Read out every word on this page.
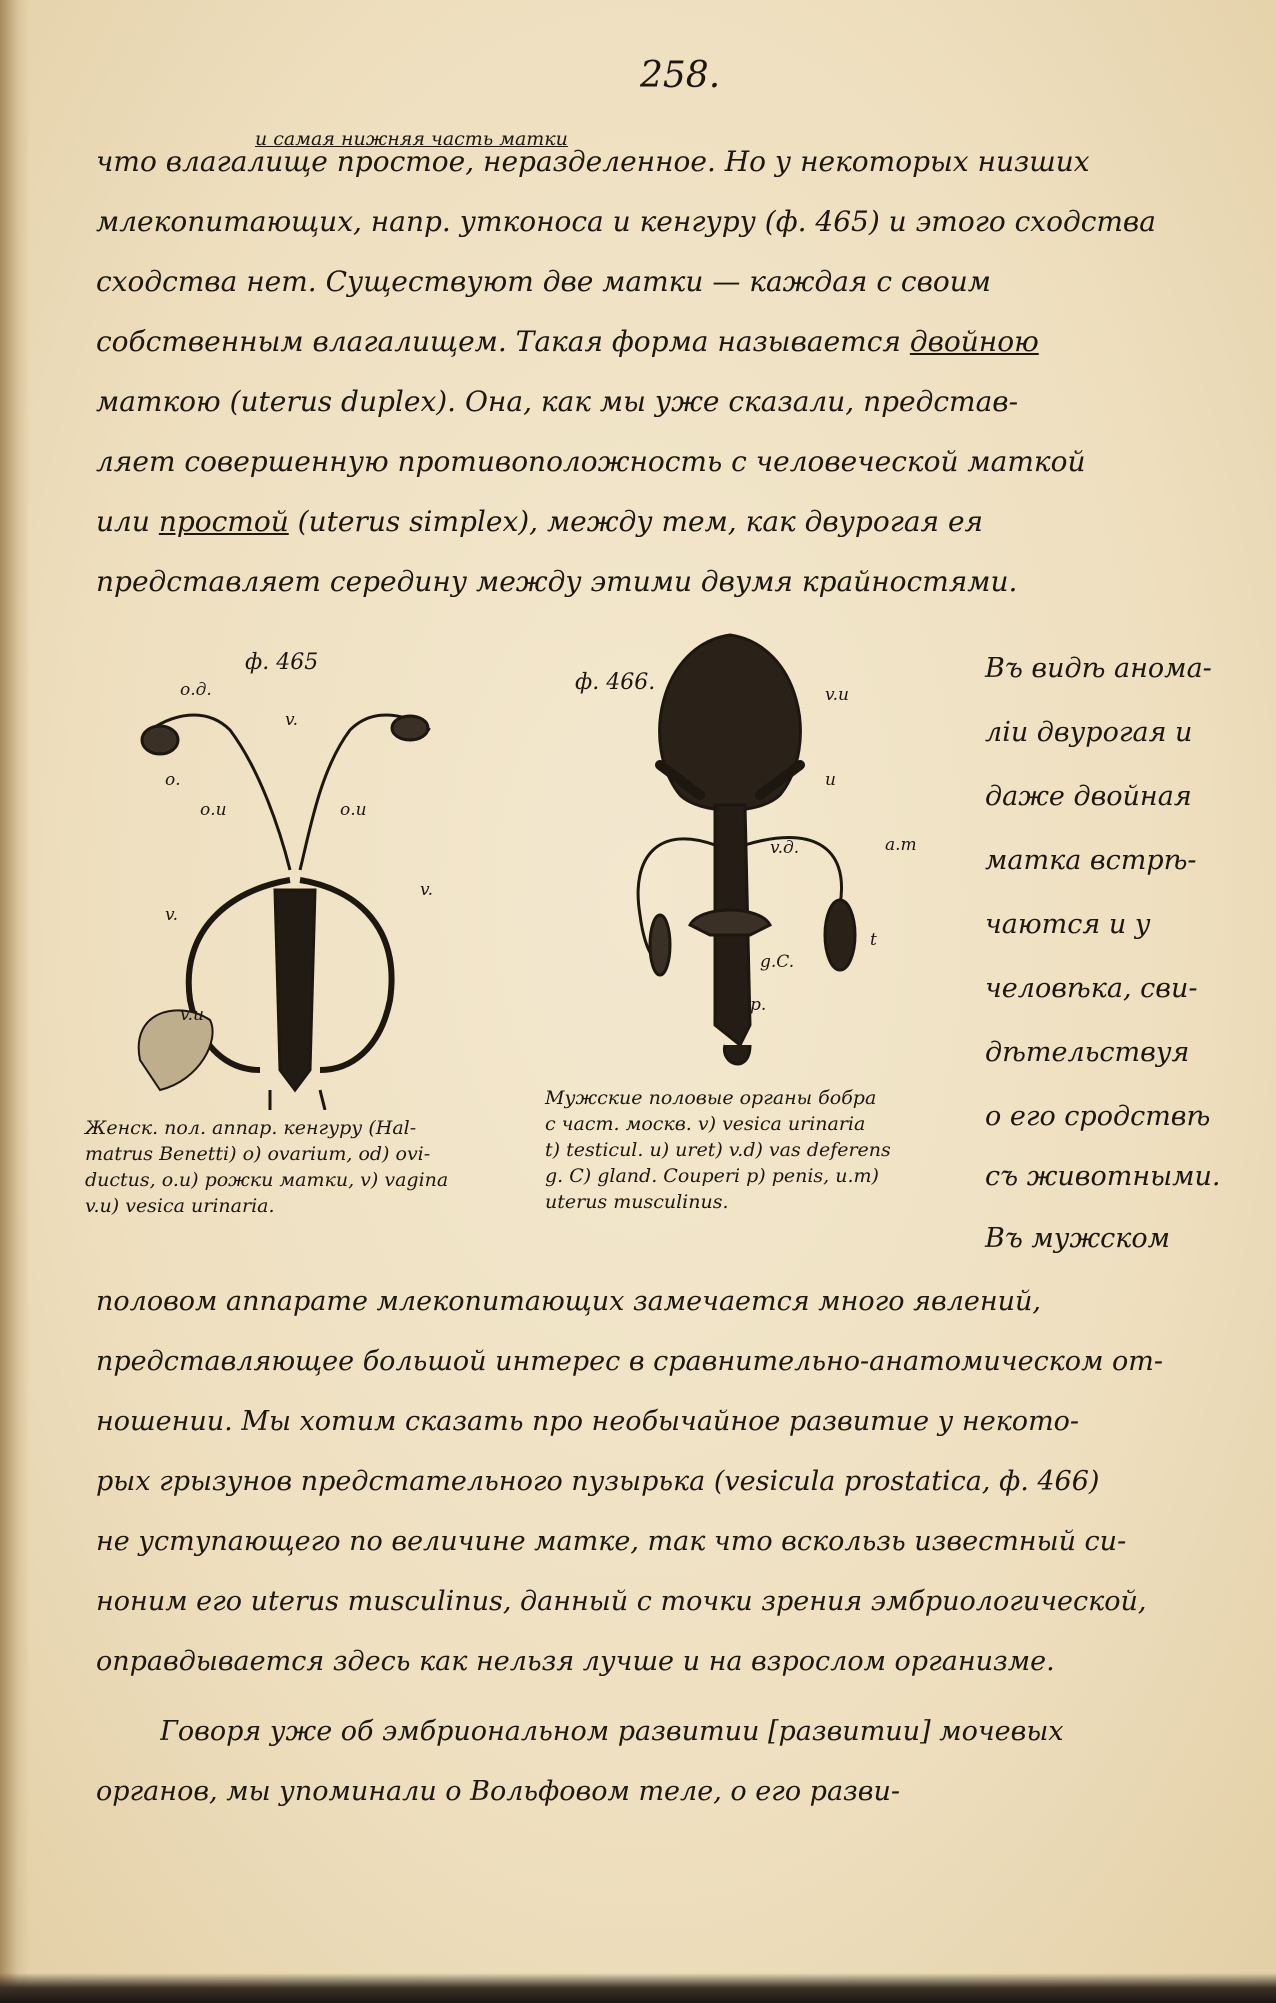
258.
и самая нижняя часть матки
что влагалище простое, неразделенное. Но у некоторых низших
млекопитающих, напр. утконоса и кенгуру (ф. 465) и этого сходства
сходства нет. Существуют две матки — каждая с своим
собственным влагалищем. Такая форма называется двойною
маткою (uterus duplex). Она, как мы уже сказали, представ-
ляет совершенную противоположность с человеческой маткой
или простой (uterus simplex), между тем, как двурогая ея
представляет середину между этими двумя крайностями.
ф. 465
о.д.
v.
о.
о.и	о.и
v.
v.
v.u
Женск. пол. аппар. кенгуру (Hal-
matrus Benetti) o) ovarium, od) ovi-
ductus, o.u) рожки матки, v) vagina
v.u) vesica urinaria.
ф. 466.	v.u
и
a.m
v.д.
t
g.C.
p.
Мужские половые органы бобра
с част. москв. v) vesica urinaria
t) testicul. u) uret) v.d) vas deferens
g. C) gland. Couperi p) penis, u.m)
uterus musculinus.
Въ видѣ анома-
ліи двурогая и
даже двойная
матка встрѣ-
чаются и у
человѣка, сви-
дѣтельствуя
о его сродствѣ
съ животными.
Въ мужском
половом аппарате млекопитающих замечается много явлений,
представляющее большой интерес в сравнительно-анатомическом от-
ношении. Мы хотим сказать про необычайное развитие у некото-
рых грызунов предстательного пузырька (vesicula prostatica, ф. 466)
не уступающего по величине матке, так что вскользь известный си-
ноним его uterus musculinus, данный с точки зрения эмбриологической,
оправдывается здесь как нельзя лучше и на взрослом организме.
Говоря уже об эмбриональном развитии [развитии] мочевых
органов, мы упоминали о Вольфовом теле, о его разви-
